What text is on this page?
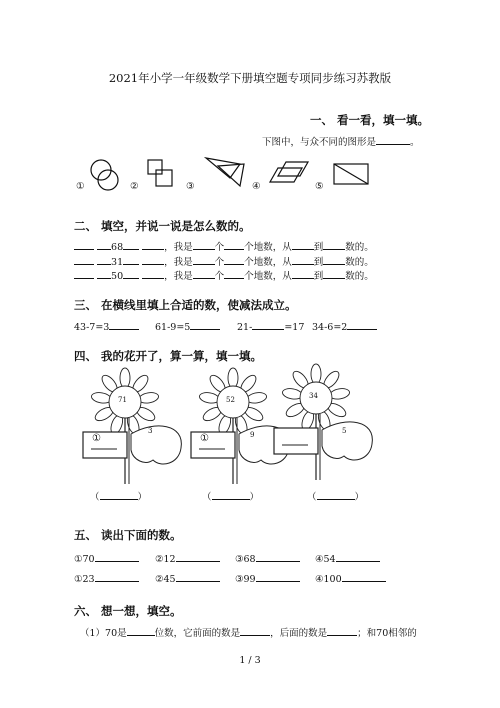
2021年小学一年级数学下册填空题专项同步练习苏教版
一、 看一看，填一填。
下图中，与众不同的图形是	。
①	②	③	④	⑤
二、 填空，并说一说是怎么数的。
68	，我是 个 个地数，从 到 数的。
31	，我是 个 个地数，从 到 数的。
50	，我是 个 个地数，从 到 数的。
三、 在横线里填上合适的数，使减法成立。
43-7=3	61-9=5	21-	=17 34-6=2
四、 我的花开了，算一算，填一填。
71
①
3
52
①	9
34
5
（	）	（	）	（	）
五、 读出下面的数。
①70	②12	③68	④54
①23	②45	③99	④100
六、 想一想，填空。
（1）70是	位数，它前面的数是	，后面的数是	；和70相邻的
1 / 3
